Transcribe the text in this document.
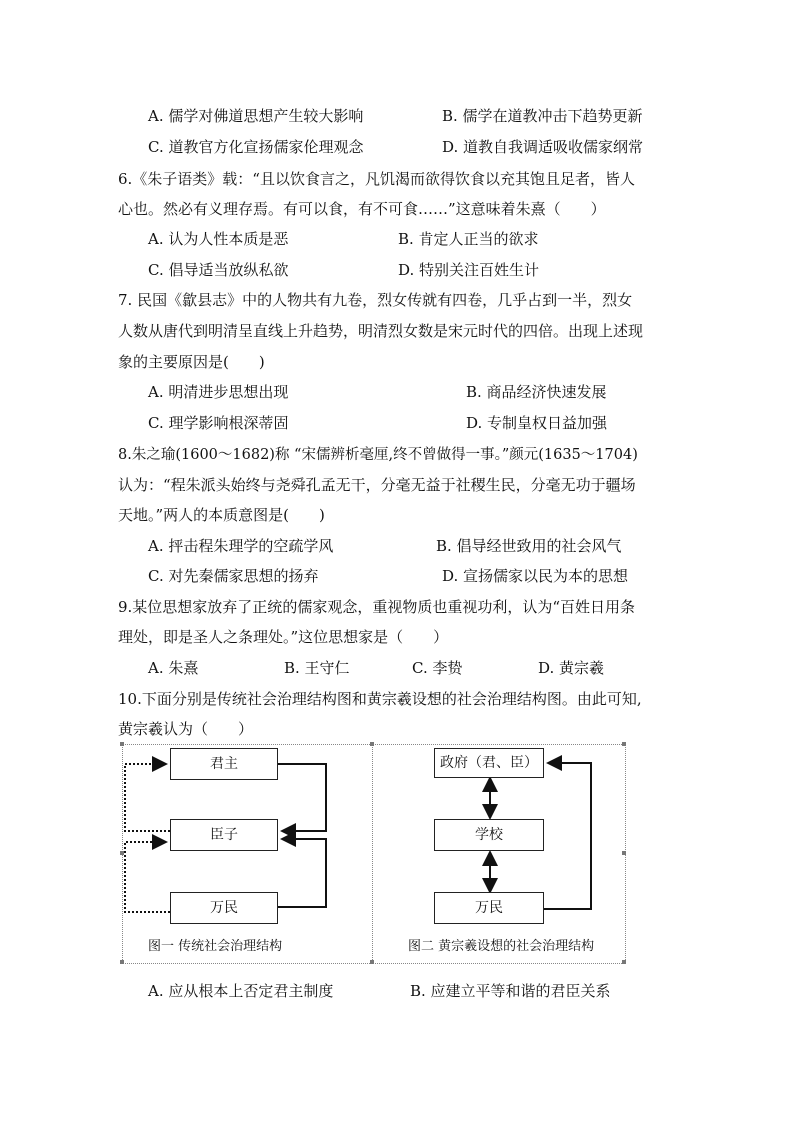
A. 儒学对佛道思想产生较大影响	B. 儒学在道教冲击下趋势更新
C. 道教官方化宣扬儒家伦理观念	D. 道教自我调适吸收儒家纲常
6.《朱子语类》载：“且以饮食言之，凡饥渴而欲得饮食以充其饱且足者，皆人
心也。然必有义理存焉。有可以食，有不可食……”这意味着朱熹（　　）
A. 认为人性本质是恶	B. 肯定人正当的欲求
C. 倡导适当放纵私欲	D. 特别关注百姓生计
7. 民国《歙县志》中的人物共有九卷，烈女传就有四卷，几乎占到一半，烈女
人数从唐代到明清呈直线上升趋势，明清烈女数是宋元时代的四倍。出现上述现
象的主要原因是(　　)
A. 明清进步思想出现	B. 商品经济快速发展
C. 理学影响根深蒂固	D. 专制皇权日益加强
8.朱之瑜(1600～1682)称 “宋儒辨析毫厘,终不曾做得一事。”颜元(1635～1704)
认为：“程朱派头始终与尧舜孔孟无干，分毫无益于社稷生民，分毫无功于疆场
天地。”两人的本质意图是(　　)
A. 抨击程朱理学的空疏学风	B. 倡导经世致用的社会风气
C. 对先秦儒家思想的扬弃	D. 宣扬儒家以民为本的思想
9.某位思想家放弃了正统的儒家观念，重视物质也重视功利，认为“百姓日用条
理处，即是圣人之条理处。”这位思想家是（　　）
A. 朱熹	B. 王守仁	C. 李贽	D. 黄宗羲
10.下面分别是传统社会治理结构图和黄宗羲设想的社会治理结构图。由此可知,
黄宗羲认为（　　）
君主
臣子
万民
图一 传统社会治理结构
政府（君、臣）
学校
万民
图二 黄宗羲设想的社会治理结构
A. 应从根本上否定君主制度	B. 应建立平等和谐的君臣关系
